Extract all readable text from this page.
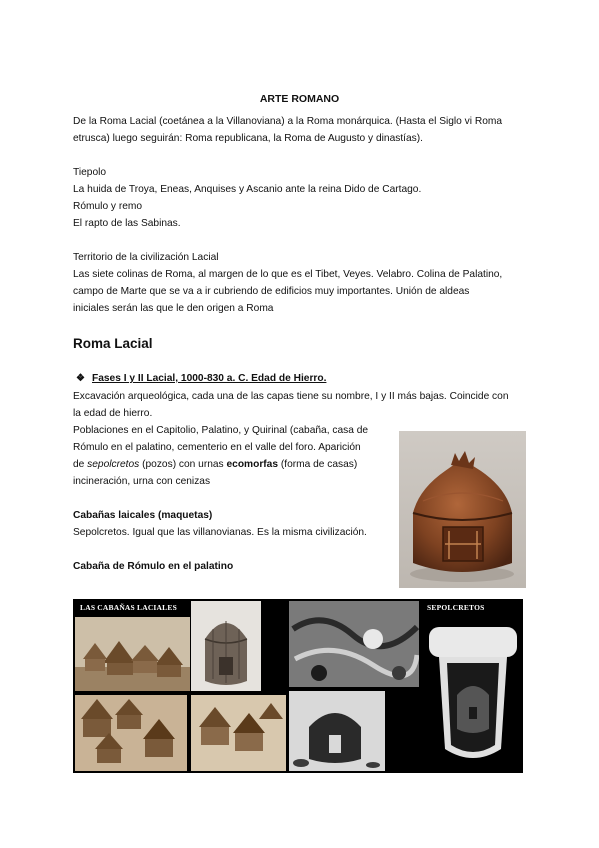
ARTE ROMANO
De la Roma Lacial (coetánea a la Villanoviana) a la Roma monárquica. (Hasta el Siglo vi Roma
etrusca) luego seguirán: Roma republicana, la Roma de Augusto y dinastías).
Tiepolo
La huida de Troya, Eneas, Anquises y Ascanio ante la reina Dido de Cartago.
Rómulo y remo
El rapto de las Sabinas.
Territorio de la civilización Lacial
Las siete colinas de Roma, al margen de lo que es el Tibet, Veyes. Velabro. Colina de Palatino,
campo de Marte que se va a ir cubriendo de edificios muy importantes. Unión de aldeas
iniciales serán las que le den origen a Roma
Roma Lacial
❖ Fases I y II Lacial, 1000-830 a. C. Edad de Hierro.
Excavación arqueológica, cada una de las capas tiene su nombre, I y II más bajas. Coincide con
la edad de hierro.
Poblaciones en el Capitolio, Palatino, y Quirinal (cabaña, casa de
Rómulo en el palatino, cementerio en el valle del foro. Aparición
de sepolcretos (pozos) con urnas ecomorfas (forma de casas)
incineración, urna con cenizas
Cabañas laicales (maquetas)
Sepolcretos. Igual que las villanovianas. Es la misma civilización.
Cabaña de Rómulo en el palatino
LAS CABAÑAS LACIALES	SEPOLCRETOS
